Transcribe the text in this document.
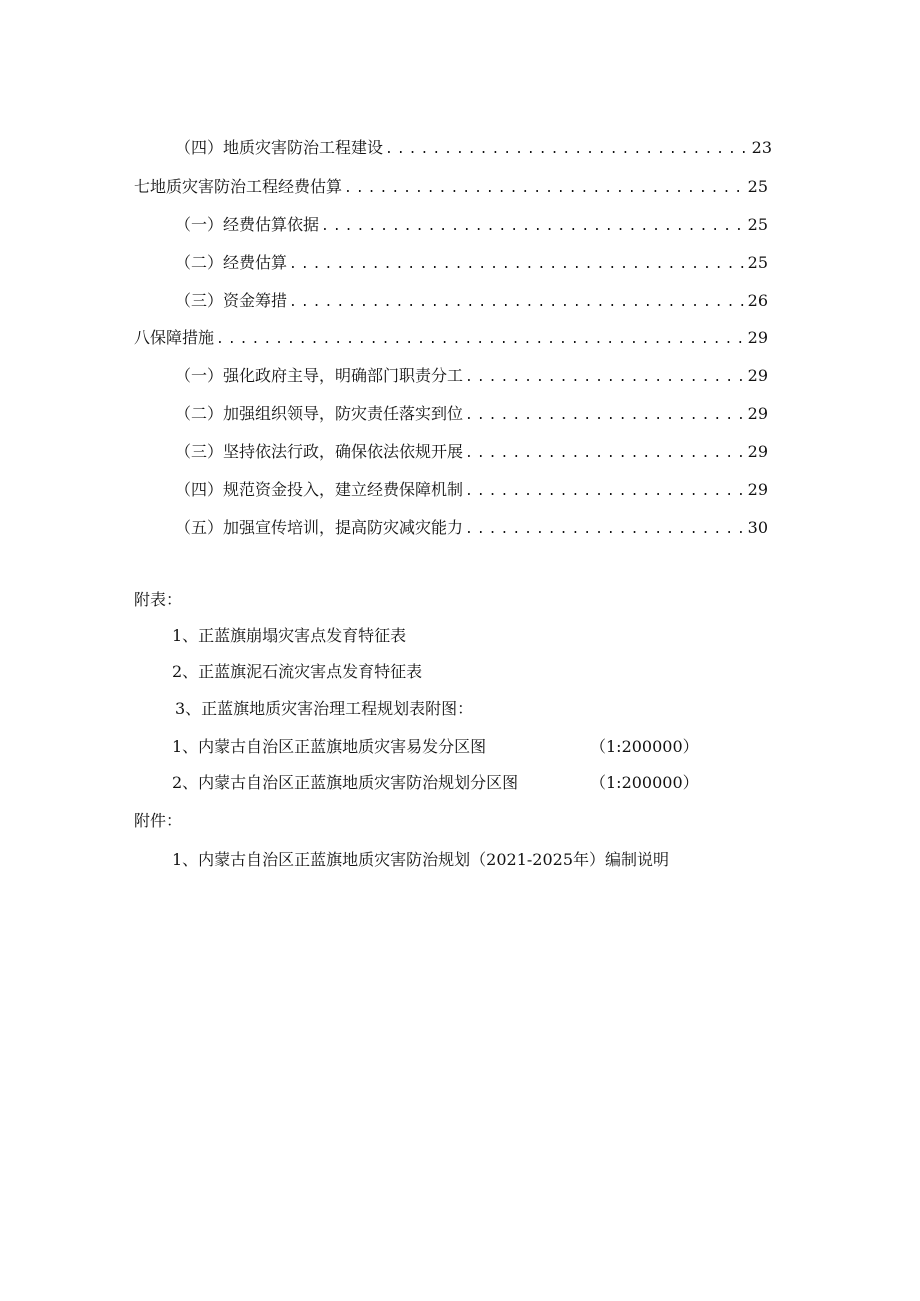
（四）地质灾害防治工程建设 .....	23
七地质灾害防治工程经费估算 .....	25
（一）经费估算依据 .....	25
（二）经费估算 .....	25
（三）资金筹措 .....	26
八保障措施 .....	29
（一）强化政府主导，明确部门职责分工 .....	29
（二）加强组织领导，防灾责任落实到位 .....	29
（三）坚持依法行政，确保依法依规开展 .....	29
（四）规范资金投入，建立经费保障机制 .....	29
（五）加强宣传培训，提高防灾减灾能力 .....	30
附表：
1、正蓝旗崩塌灾害点发育特征表
2、正蓝旗泥石流灾害点发育特征表
3、正蓝旗地质灾害治理工程规划表附图：
1、内蒙古自治区正蓝旗地质灾害易发分区图	（1:200000）
2、内蒙古自治区正蓝旗地质灾害防治规划分区图	（1:200000）
附件：
1、内蒙古自治区正蓝旗地质灾害防治规划（2021-2025年）编制说明
